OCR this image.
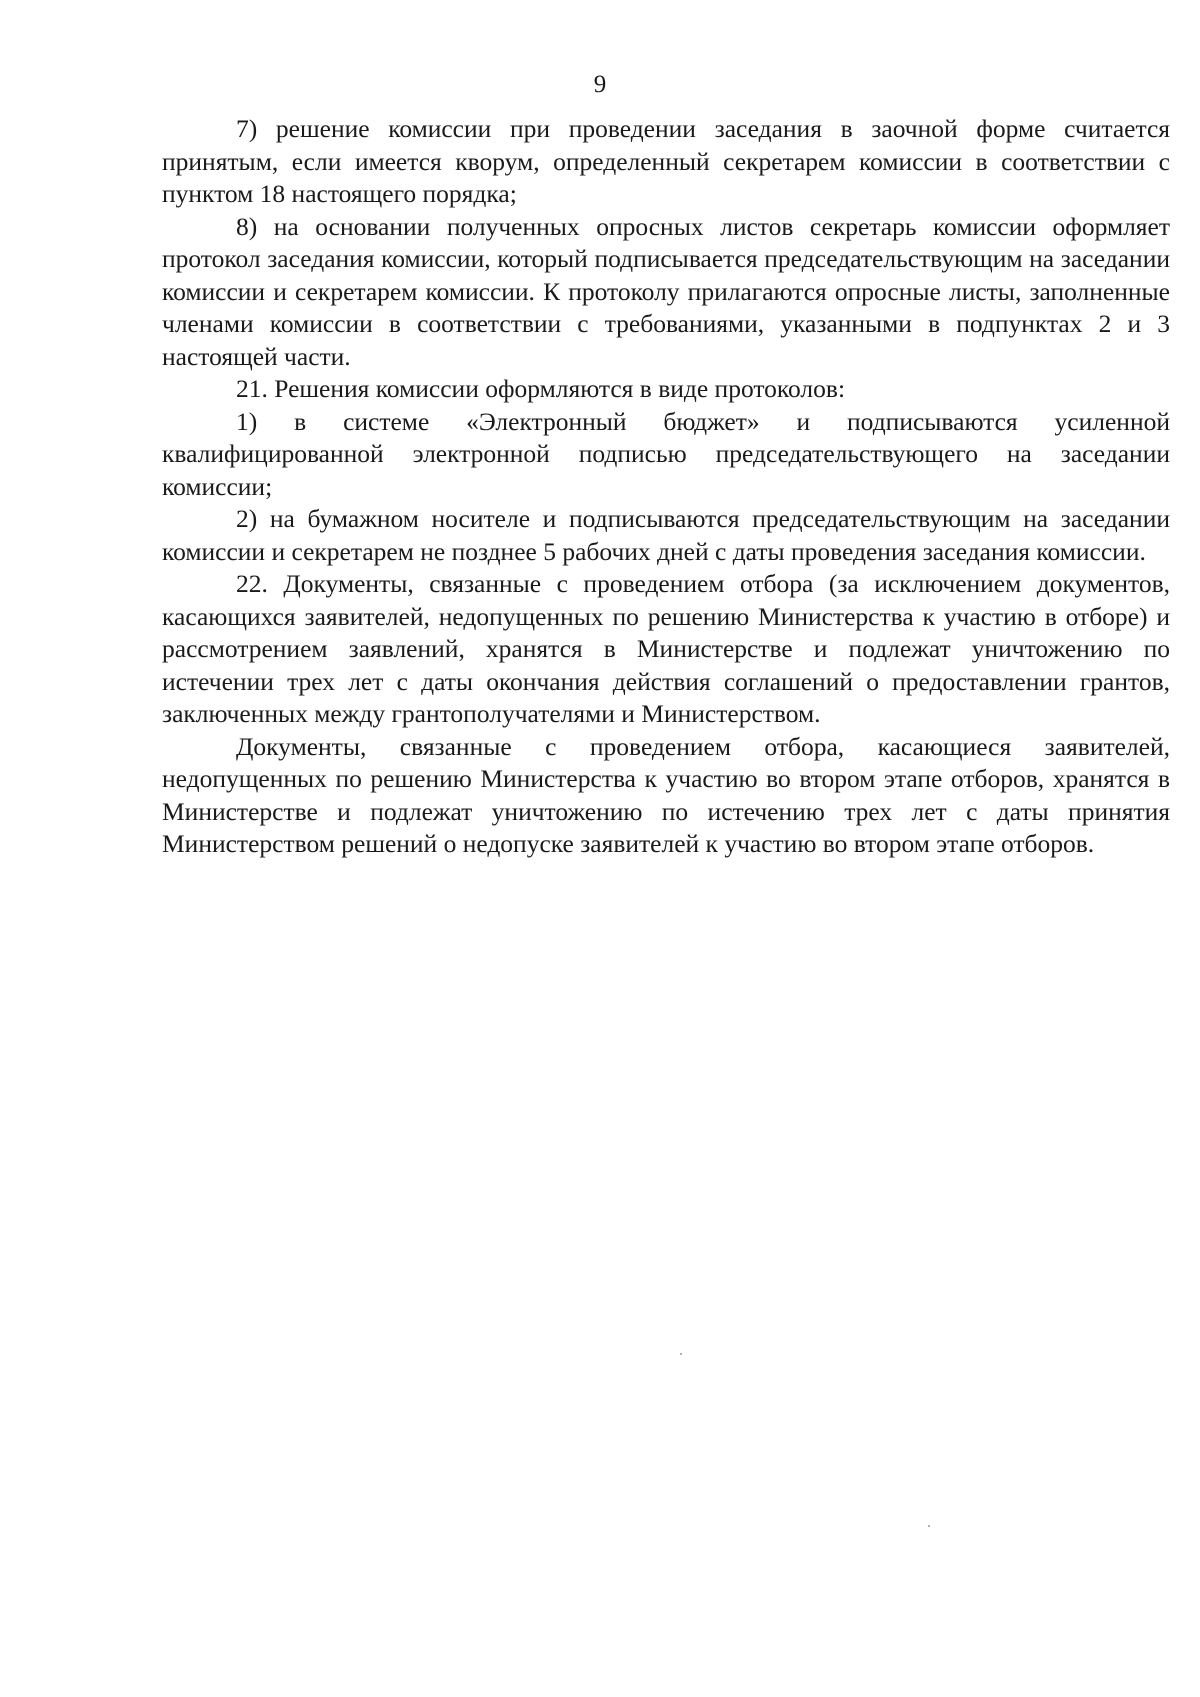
9

7) решение комиссии при проведении заседания в заочной форме считается принятым, если имеется кворум, определенный секретарем комиссии в соответствии с пунктом 18 настоящего порядка;

8) на основании полученных опросных листов секретарь комиссии оформляет протокол заседания комиссии, который подписывается председательствующим на заседании комиссии и секретарем комиссии. К протоколу прилагаются опросные листы, заполненные членами комиссии в соответствии с требованиями, указанными в подпунктах 2 и 3 настоящей части.

21. Решения комиссии оформляются в виде протоколов:

1) в системе «Электронный бюджет» и подписываются усиленной квалифицированной электронной подписью председательствующего на заседании комиссии;

2) на бумажном носителе и подписываются председательствующим на заседании комиссии и секретарем не позднее 5 рабочих дней с даты проведения заседания комиссии.

22. Документы, связанные с проведением отбора (за исключением документов, касающихся заявителей, недопущенных по решению Министерства к участию в отборе) и рассмотрением заявлений, хранятся в Министерстве и подлежат уничтожению по истечении трех лет с даты окончания действия соглашений о предоставлении грантов, заключенных между грантополучателями и Министерством.

Документы, связанные с проведением отбора, касающиеся заявителей, недопущенных по решению Министерства к участию во втором этапе отборов, хранятся в Министерстве и подлежат уничтожению по истечению трех лет с даты принятия Министерством решений о недопуске заявителей к участию во втором этапе отборов.
